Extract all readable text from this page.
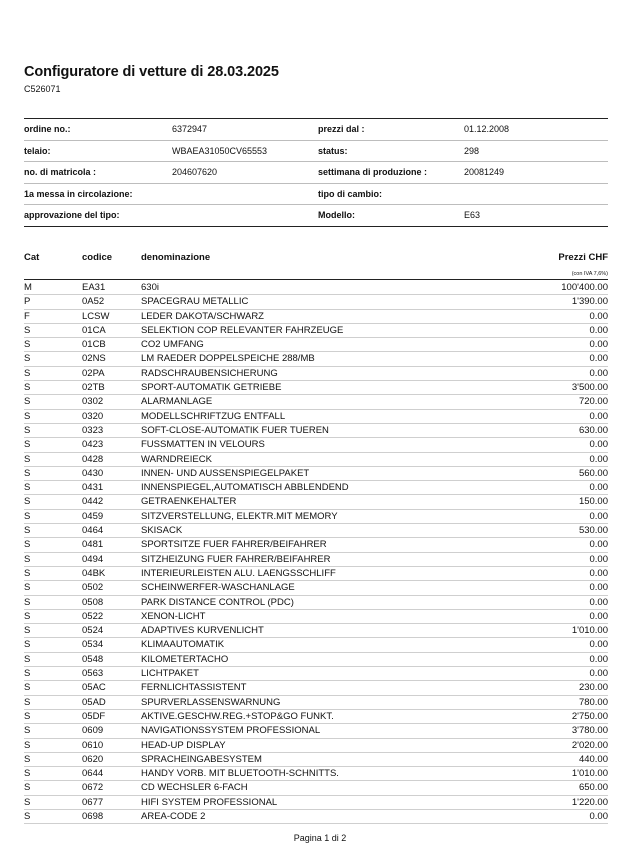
Configuratore di vetture di 28.03.2025
C526071
ordine no.:	6372947	prezzi dal :	01.12.2008
telaio:	WBAEA31050CV65553	status:	298
no. di matricola :	204607620	settimana di produzione :	20081249
1a messa in circolazione:		tipo di cambio:	
approvazione del tipo:		Modello:	E63
Cat	codice	denominazione	Prezzi CHF
(con IVA 7,6%)
M	EA31	630i	100'400.00
P	0A52	SPACEGRAU METALLIC	1'390.00
F	LCSW	LEDER DAKOTA/SCHWARZ	0.00
S	01CA	SELEKTION COP RELEVANTER FAHRZEUGE	0.00
S	01CB	CO2 UMFANG	0.00
S	02NS	LM RAEDER DOPPELSPEICHE 288/MB	0.00
S	02PA	RADSCHRAUBENSICHERUNG	0.00
S	02TB	SPORT-AUTOMATIK GETRIEBE	3'500.00
S	0302	ALARMANLAGE	720.00
S	0320	MODELLSCHRIFTZUG ENTFALL	0.00
S	0323	SOFT-CLOSE-AUTOMATIK FUER TUEREN	630.00
S	0423	FUSSMATTEN IN VELOURS	0.00
S	0428	WARNDREIECK	0.00
S	0430	INNEN- UND AUSSENSPIEGELPAKET	560.00
S	0431	INNENSPIEGEL,AUTOMATISCH ABBLENDEND	0.00
S	0442	GETRAENKEHALTER	150.00
S	0459	SITZVERSTELLUNG, ELEKTR.MIT MEMORY	0.00
S	0464	SKISACK	530.00
S	0481	SPORTSITZE FUER FAHRER/BEIFAHRER	0.00
S	0494	SITZHEIZUNG FUER FAHRER/BEIFAHRER	0.00
S	04BK	INTERIEURLEISTEN ALU. LAENGSSCHLIFF	0.00
S	0502	SCHEINWERFER-WASCHANLAGE	0.00
S	0508	PARK DISTANCE CONTROL (PDC)	0.00
S	0522	XENON-LICHT	0.00
S	0524	ADAPTIVES KURVENLICHT	1'010.00
S	0534	KLIMAAUTOMATIK	0.00
S	0548	KILOMETERTACHO	0.00
S	0563	LICHTPAKET	0.00
S	05AC	FERNLICHTASSISTENT	230.00
S	05AD	SPURVERLASSENSWARNUNG	780.00
S	05DF	AKTIVE.GESCHW.REG.+STOP&GO FUNKT.	2'750.00
S	0609	NAVIGATIONSSYSTEM PROFESSIONAL	3'780.00
S	0610	HEAD-UP DISPLAY	2'020.00
S	0620	SPRACHEINGABESYSTEM	440.00
S	0644	HANDY VORB. MIT BLUETOOTH-SCHNITTS.	1'010.00
S	0672	CD WECHSLER 6-FACH	650.00
S	0677	HIFI SYSTEM PROFESSIONAL	1'220.00
S	0698	AREA-CODE 2	0.00
Pagina 1 di 2
